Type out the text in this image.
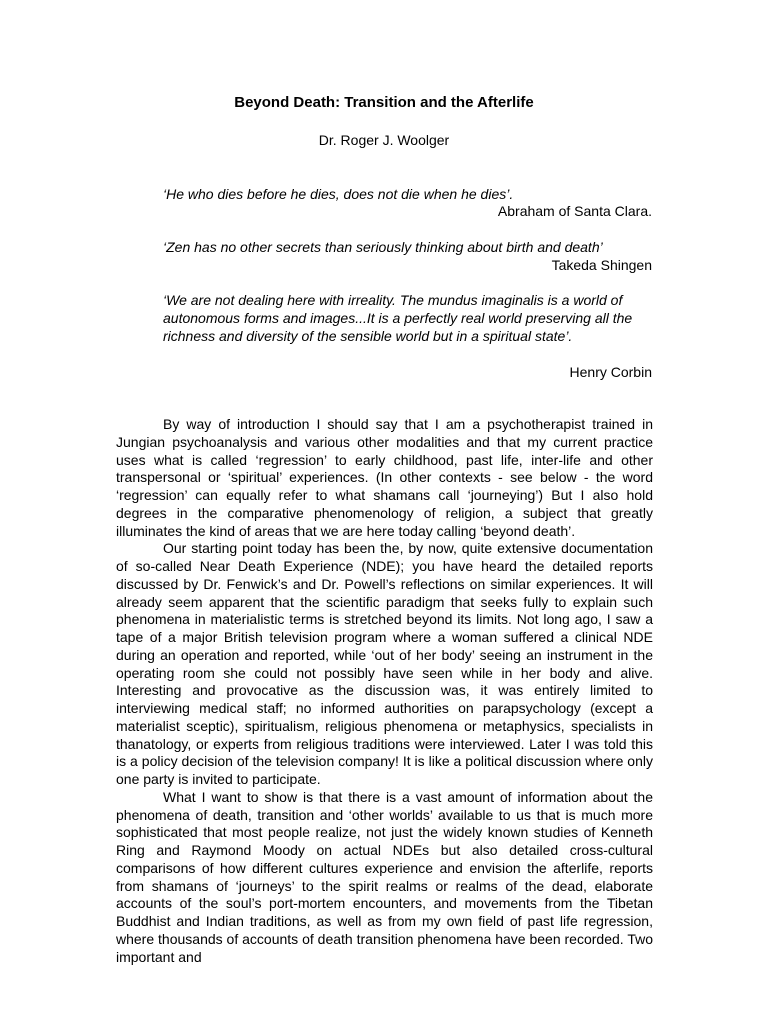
Beyond Death: Transition and the Afterlife
Dr. Roger J. Woolger
‘He who dies before he dies, does not die when he dies’.
Abraham of Santa Clara.
‘Zen has no other secrets than seriously thinking about birth and death’
Takeda Shingen
‘We are not dealing here with irreality. The mundus imaginalis is a world of autonomous forms and images...It is a perfectly real world preserving all the richness and diversity of the sensible world but in a spiritual state’.
Henry Corbin

By way of introduction I should say that I am a psychotherapist trained in Jungian psychoanalysis and various other modalities and that my current practice uses what is called ‘regression’ to early childhood, past life, inter-life and other transpersonal or ‘spiritual’ experiences. (In other contexts - see below - the word ‘regression’ can equally refer to what shamans call ‘journeying’) But I also hold degrees in the comparative phenomenology of religion, a subject that greatly illuminates the kind of areas that we are here today calling ‘beyond death’.

Our starting point today has been the, by now, quite extensive documentation of so-called Near Death Experience (NDE); you have heard the detailed reports discussed by Dr. Fenwick’s and Dr. Powell’s reflections on similar experiences. It will already seem apparent that the scientific paradigm that seeks fully to explain such phenomena in materialistic terms is stretched beyond its limits. Not long ago, I saw a tape of a major British television program where a woman suffered a clinical NDE during an operation and reported, while ‘out of her body’ seeing an instrument in the operating room she could not possibly have seen while in her body and alive. Interesting and provocative as the discussion was, it was entirely limited to interviewing medical staff; no informed authorities on parapsychology (except a materialist sceptic), spiritualism, religious phenomena or metaphysics, specialists in thanatology, or experts from religious traditions were interviewed. Later I was told this is a policy decision of the television company! It is like a political discussion where only one party is invited to participate.

What I want to show is that there is a vast amount of information about the phenomena of death, transition and ‘other worlds’ available to us that is much more sophisticated that most people realize, not just the widely known studies of Kenneth Ring and Raymond Moody on actual NDEs but also detailed cross-cultural comparisons of how different cultures experience and envision the afterlife, reports from shamans of ‘journeys’ to the spirit realms or realms of the dead, elaborate accounts of the soul’s port-mortem encounters, and movements from the Tibetan Buddhist and Indian traditions, as well as from my own field of past life regression, where thousands of accounts of death transition phenomena have been recorded. Two important and
